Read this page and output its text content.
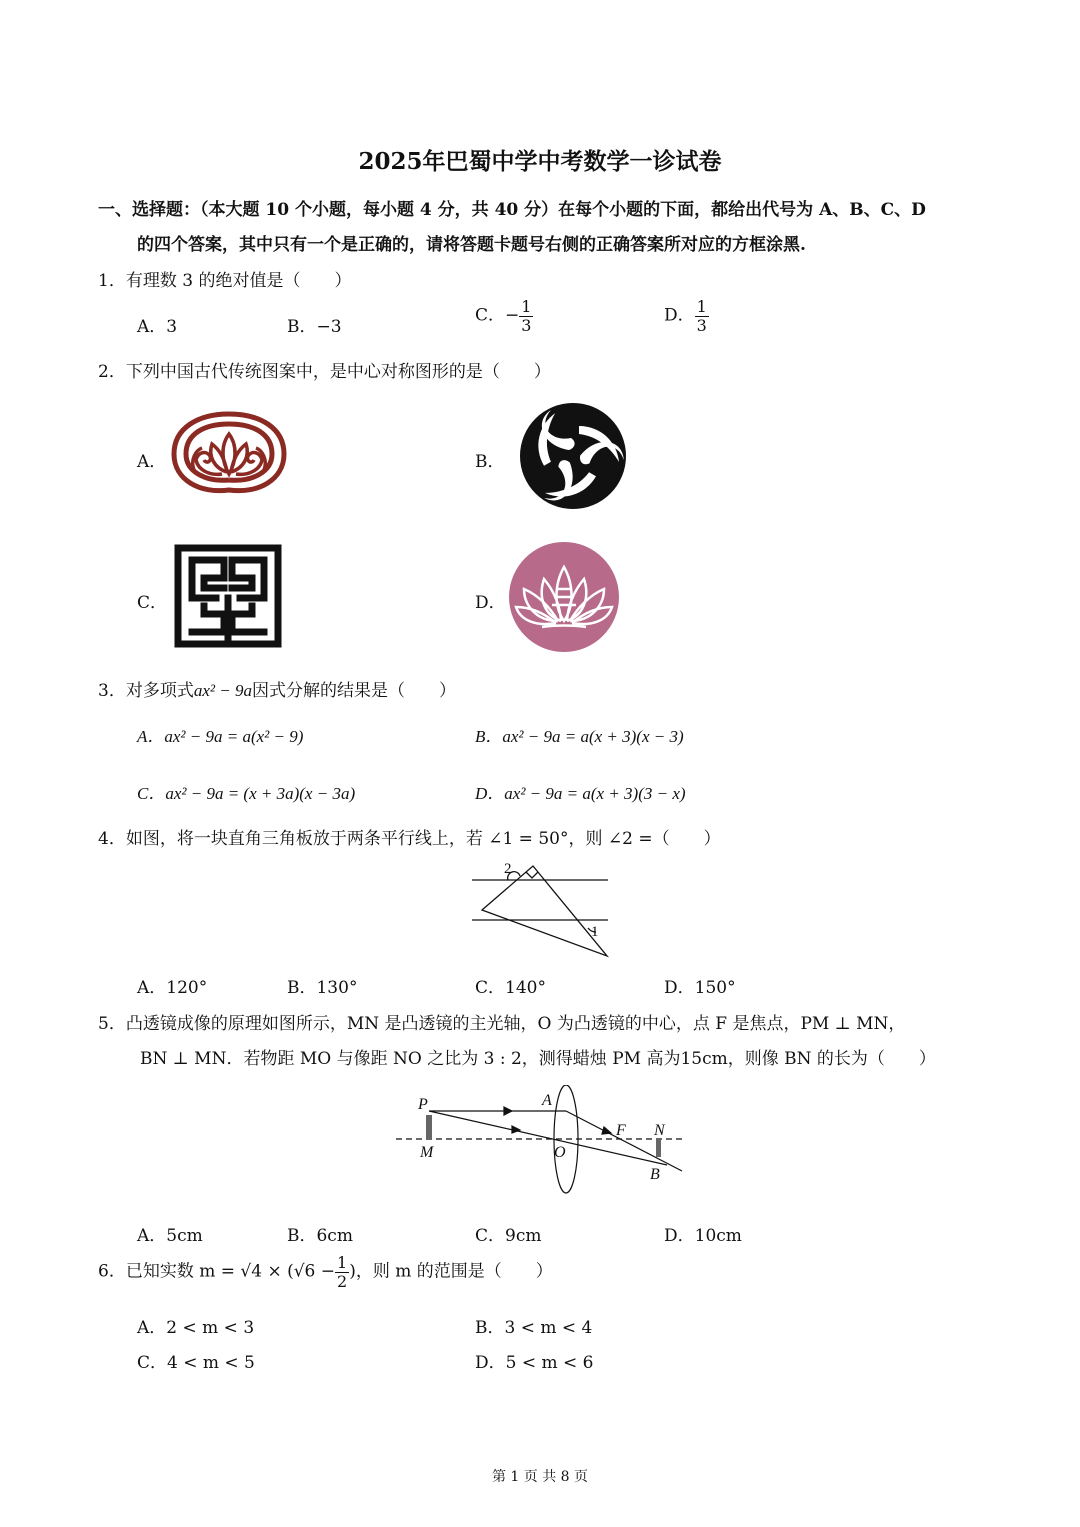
2025年巴蜀中学中考数学一诊试卷
一、选择题：（本大题 10 个小题，每小题 4 分，共 40 分）在每个小题的下面，都给出代号为 A、B、C、D
的四个答案，其中只有一个是正确的，请将答题卡题号右侧的正确答案所对应的方框涂黑.
1．有理数 3 的绝对值是（　　）
A．3	B．−3
C．− $\frac{1}{3}$	D． $\frac{1}{3}$
2．下列中国古代传统图案中，是中心对称图形的是（　　）
A．	B．
C．	D．
3．对多项式ax² − 9a因式分解的结果是（　　）
A．ax² − 9a = a(x² − 9)	B．ax² − 9a = a(x + 3)(x − 3)
C．ax² − 9a = (x + 3a)(x − 3a)	D．ax² − 9a = a(x + 3)(3 − x)
4．如图，将一块直角三角板放于两条平行线上，若 ∠1 = 50°，则 ∠2 =（　　）
1
2
A．120°	B．130°	C．140°	D．150°
5．凸透镜成像的原理如图所示，MN 是凸透镜的主光轴，O 为凸透镜的中心，点 F 是焦点，PM ⊥ MN，
BN ⊥ MN．若物距 MO 与像距 NO 之比为 3 : 2，测得蜡烛 PM 高为15cm，则像 BN 的长为（　　）
P	A
M	O
F N
B
A．5cm	B．6cm	C．9cm	D．10cm
6．已知实数 $m = √4 \times (√6 - \frac{1}{2}$ )，则 m 的范围是（　　）
A．2 < m < 3	B．3 < m < 4
C．4 < m < 5	D．5 < m < 6
第 1 页 共 8 页
